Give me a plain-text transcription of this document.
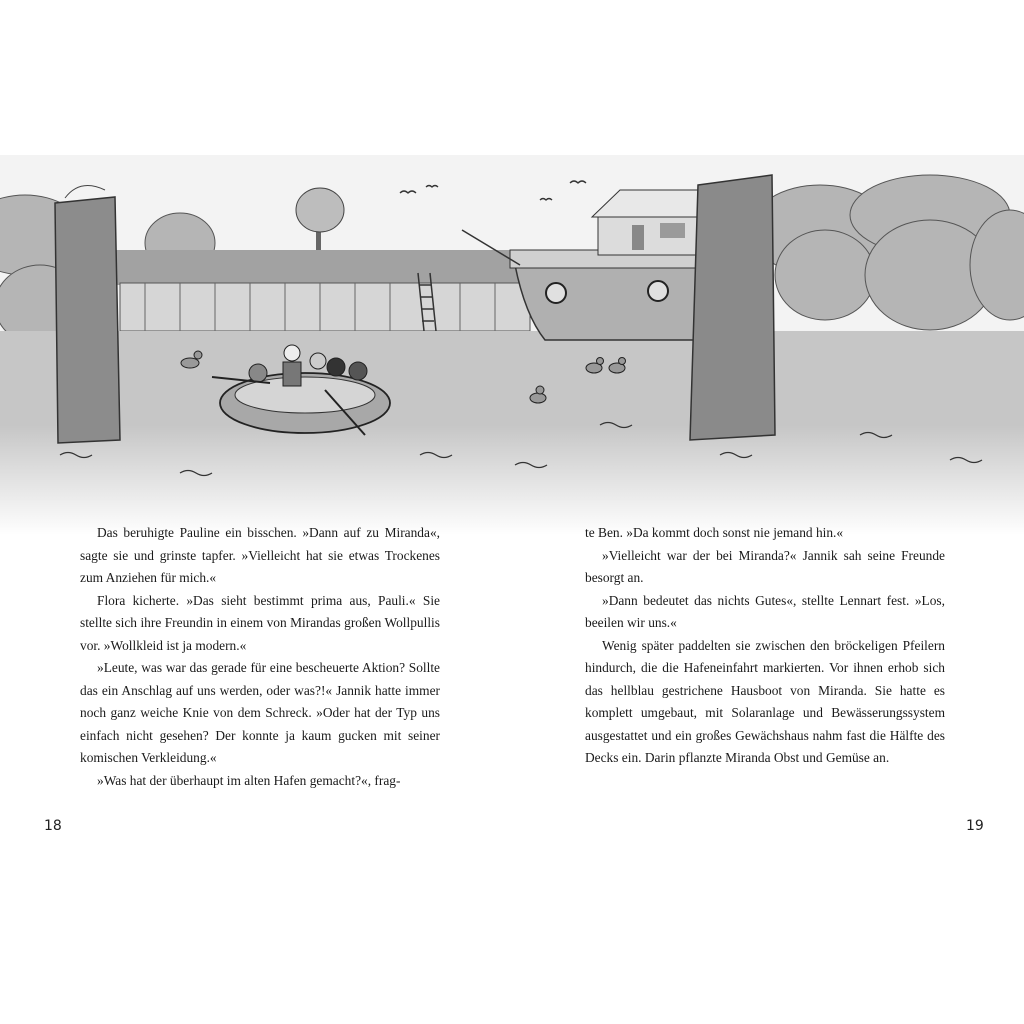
Das beruhigte Pauline ein bisschen. »Dann auf zu Miranda«, sagte sie und grinste tapfer. »Vielleicht hat sie etwas Trockenes zum Anziehen für mich.«

Flora kicherte. »Das sieht bestimmt prima aus, Pauli.« Sie stellte sich ihre Freundin in einem von Mirandas großen Wollpullis vor. »Wollkleid ist ja modern.«

»Leute, was war das gerade für eine bescheuerte Aktion? Sollte das ein Anschlag auf uns werden, oder was?!« Jannik hatte immer noch ganz weiche Knie von dem Schreck. »Oder hat der Typ uns einfach nicht gesehen? Der konnte ja kaum gucken mit seiner komischen Verkleidung.«

»Was hat der überhaupt im alten Hafen gemacht?«, frag-

te Ben. »Da kommt doch sonst nie jemand hin.«

»Vielleicht war der bei Miranda?« Jannik sah seine Freunde besorgt an.

»Dann bedeutet das nichts Gutes«, stellte Lennart fest. »Los, beeilen wir uns.«

Wenig später paddelten sie zwischen den bröckeligen Pfeilern hindurch, die die Hafeneinfahrt markierten. Vor ihnen erhob sich das hellblau gestrichene Hausboot von Miranda. Sie hatte es komplett umgebaut, mit Solaranlage und Bewässerungssystem ausgestattet und ein großes Gewächshaus nahm fast die Hälfte des Decks ein. Darin pflanzte Miranda Obst und Gemüse an.

18	19
